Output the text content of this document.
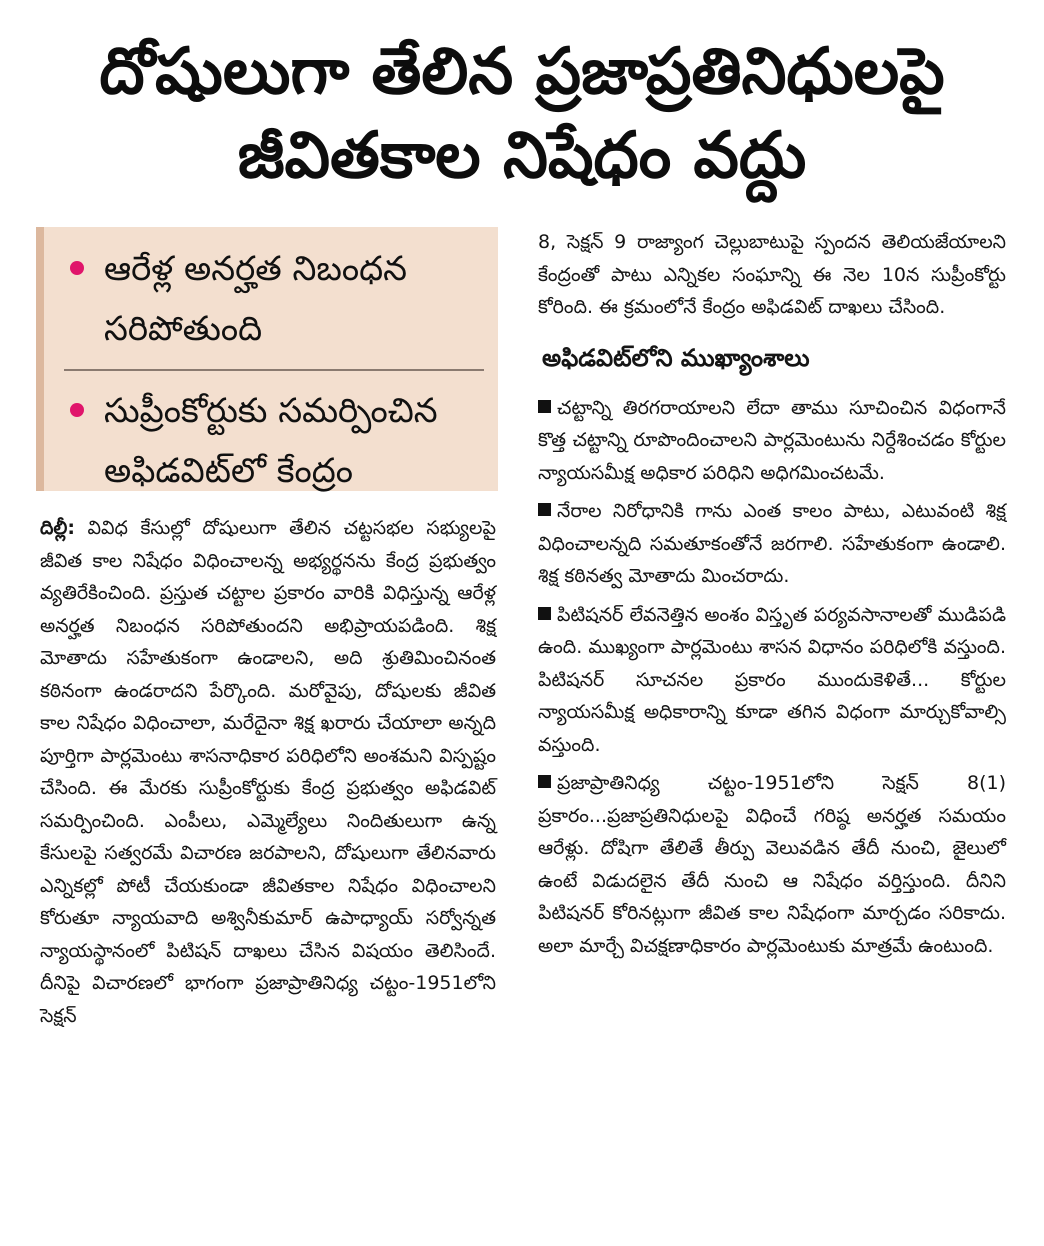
దోషులుగా తేలిన ప్రజాప్రతినిధులపై
జీవితకాల నిషేధం వద్దు
ఆరేళ్ల అనర్హత నిబంధన సరిపోతుంది
సుప్రీంకోర్టుకు సమర్పించిన అఫిడవిట్‌లో కేంద్రం
దిల్లీ: వివిధ కేసుల్లో దోషులుగా తేలిన చట్టసభల సభ్యులపై జీవిత కాల నిషేధం విధించాలన్న అభ్యర్థనను కేంద్ర ప్రభుత్వం వ్యతిరేకించింది. ప్రస్తుత చట్టాల ప్రకారం వారికి విధిస్తున్న ఆరేళ్ల అనర్హత నిబంధన సరిపోతుందని అభిప్రాయపడింది. శిక్ష మోతాదు సహేతుకంగా ఉండాలని, అది శ్రుతిమించినంత కఠినంగా ఉండరాదని పేర్కొంది. మరోవైపు, దోషులకు జీవిత కాల నిషేధం విధించాలా, మరేదైనా శిక్ష ఖరారు చేయాలా అన్నది పూర్తిగా పార్లమెంటు శాసనాధికార పరిధిలోని అంశమని విస్పష్టం చేసింది. ఈ మేరకు సుప్రీంకోర్టుకు కేంద్ర ప్రభుత్వం అఫిడవిట్ సమర్పించింది. ఎంపీలు, ఎమ్మెల్యేలు నిందితులుగా ఉన్న కేసులపై సత్వరమే విచారణ జరపాలని, దోషులుగా తేలినవారు ఎన్నికల్లో పోటీ చేయకుండా జీవితకాల నిషేధం విధించాలని కోరుతూ న్యాయవాది అశ్వినీకుమార్ ఉపాధ్యాయ్ సర్వోన్నత న్యాయస్థానంలో పిటిషన్ దాఖలు చేసిన విషయం తెలిసిందే. దీనిపై విచారణలో భాగంగా ప్రజాప్రాతినిధ్య చట్టం-1951లోని సెక్షన్
8, సెక్షన్ 9 రాజ్యాంగ చెల్లుబాటుపై స్పందన తెలియజేయాలని కేంద్రంతో పాటు ఎన్నికల సంఘాన్ని ఈ నెల 10న సుప్రీంకోర్టు కోరింది. ఈ క్రమంలోనే కేంద్రం అఫిడవిట్ దాఖలు చేసింది.
అఫిడవిట్‌లోని ముఖ్యాంశాలు
చట్టాన్ని తిరగరాయాలని లేదా తాము సూచించిన విధంగానే కొత్త చట్టాన్ని రూపొందించాలని పార్లమెంటును నిర్దేశించడం కోర్టుల న్యాయసమీక్ష అధికార పరిధిని అధిగమించటమే.
నేరాల నిరోధానికి గాను ఎంత కాలం పాటు, ఎటువంటి శిక్ష విధించాలన్నది సమతూకంతోనే జరగాలి. సహేతుకంగా ఉండాలి. శిక్ష కఠినత్వ మోతాదు మించరాదు.
పిటిషనర్ లేవనెత్తిన అంశం విస్తృత పర్యవసానాలతో ముడిపడి ఉంది. ముఖ్యంగా పార్లమెంటు శాసన విధానం పరిధిలోకి వస్తుంది. పిటిషనర్ సూచనల ప్రకారం ముందుకెళితే... కోర్టుల న్యాయసమీక్ష అధికారాన్ని కూడా తగిన విధంగా మార్చుకోవాల్సి వస్తుంది.
ప్రజాప్రాతినిధ్య చట్టం-1951లోని సెక్షన్ 8(1) ప్రకారం...ప్రజాప్రతినిధులపై విధించే గరిష్ఠ అనర్హత సమయం ఆరేళ్లు. దోషిగా తేలితే తీర్పు వెలువడిన తేదీ నుంచి, జైలులో ఉంటే విడుదలైన తేదీ నుంచి ఆ నిషేధం వర్తిస్తుంది. దీనిని పిటిషనర్ కోరినట్లుగా జీవిత కాల నిషేధంగా మార్చడం సరికాదు. అలా మార్చే విచక్షణాధికారం పార్లమెంటుకు మాత్రమే ఉంటుంది.
